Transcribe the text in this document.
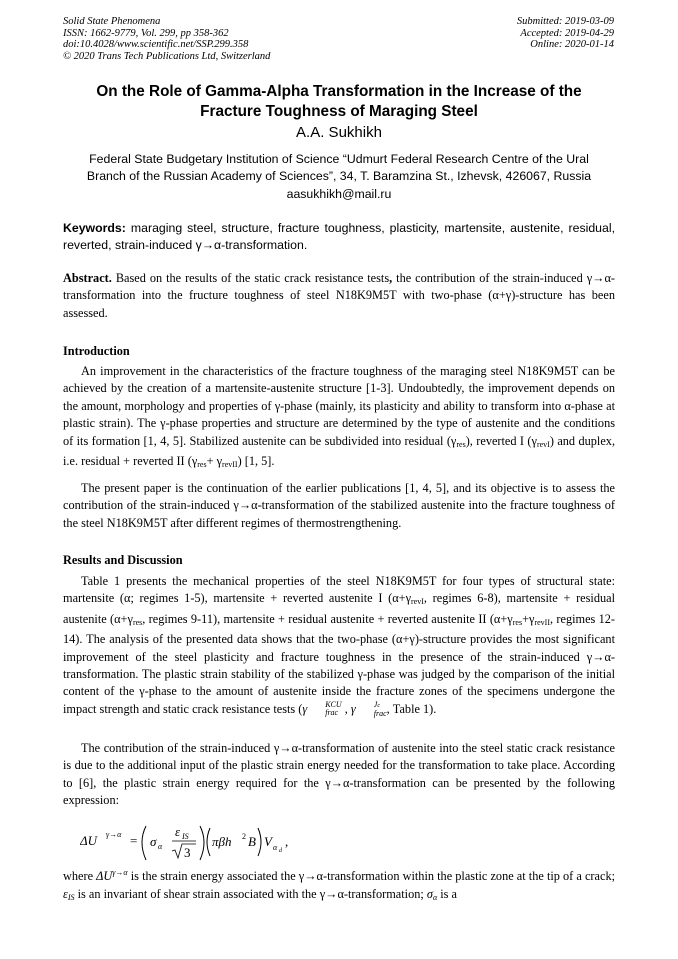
Solid State Phenomena
ISSN: 1662-9779, Vol. 299, pp 358-362
doi:10.4028/www.scientific.net/SSP.299.358
© 2020 Trans Tech Publications Ltd, Switzerland
Submitted: 2019-03-09
Accepted: 2019-04-29
Online: 2020-01-14
On the Role of Gamma-Alpha Transformation in the Increase of the
Fracture Toughness of Maraging Steel
A.A. Sukhikh
Federal State Budgetary Institution of Science “Udmurt Federal Research Centre of the Ural
Branch of the Russian Academy of Sciences”, 34, T. Baramzina St., Izhevsk, 426067, Russia
aasukhikh@mail.ru
Keywords: maraging steel, structure, fracture toughness, plasticity, martensite, austenite, residual, reverted, strain-induced γ→α-transformation.
Abstract. Based on the results of the static crack resistance tests, the contribution of the strain-induced γ→α-transformation into the fructure toughness of steel N18K9M5T with two-phase (α+γ)-structure has been assessed.
Introduction
An improvement in the characteristics of the fracture toughness of the maraging steel N18K9M5T can be achieved by the creation of a martensite-austenite structure [1-3]. Undoubtedly, the improvement depends on the amount, morphology and properties of γ-phase (mainly, its plasticity and ability to transform into α-phase at plastic strain). The γ-phase properties and structure are determined by the type of austenite and the conditions of its formation [1, 4, 5]. Stabilized austenite can be subdivided into residual $(\gamma_{res})$, reverted I $(\gamma_{revI})$ and duplex, i.e. residual + reverted II $(\gamma_{res}+ \gamma_{revII})$ [1, 5].
The present paper is the continuation of the earlier publications [1, 4, 5], and its objective is to assess the contribution of the strain-induced γ→α-transformation of the stabilized austenite into the fracture toughness of the steel N18K9M5T after different regimes of thermostrengthening.
Results and Discussion
Table 1 presents the mechanical properties of the steel N18K9M5T for four types of structural state: martensite (α; regimes 1-5), martensite + reverted austenite I ($\alpha+\gamma_{revI}$, regimes 6-8), martensite + residual austenite ($\alpha+\gamma_{res}$, regimes 9-11), martensite + residual austenite + reverted austenite II ($\alpha+\gamma_{res}+\gamma_{revII}$, regimes 12-14). The analysis of the presented data shows that the two-phase (α+γ)-structure provides the most significant improvement of the steel plasticity and fracture toughness in the presence of the strain-induced γ→α-transformation. The plastic strain stability of the stabilized γ-phase was judged by the comparison of the initial content of the γ-phase to the amount of austenite inside the fracture zones of the specimens undergone the impact strength and static crack resistance tests (γ	KCU
frac , γ	Jc
frac , Table 1).
The contribution of the strain-induced γ→α-transformation of austenite into the steel static crack resistance is due to the additional input of the plastic strain energy needed for the transformation to take place. According to [6], the plastic strain energy required for the γ→α-transformation can be presented by the following expression:
ΔU γ→α = σ α
ε IS
3
πβh 2 B V α d
,
where $\Delta U^{\gamma\to\alpha}$ is the strain energy associated the γ→α-transformation within the plastic zone at the tip of a crack; $\varepsilon_{IS}$ is an invariant of shear strain associated with the γ→α-transformation; $\sigma_\alpha$ is a
